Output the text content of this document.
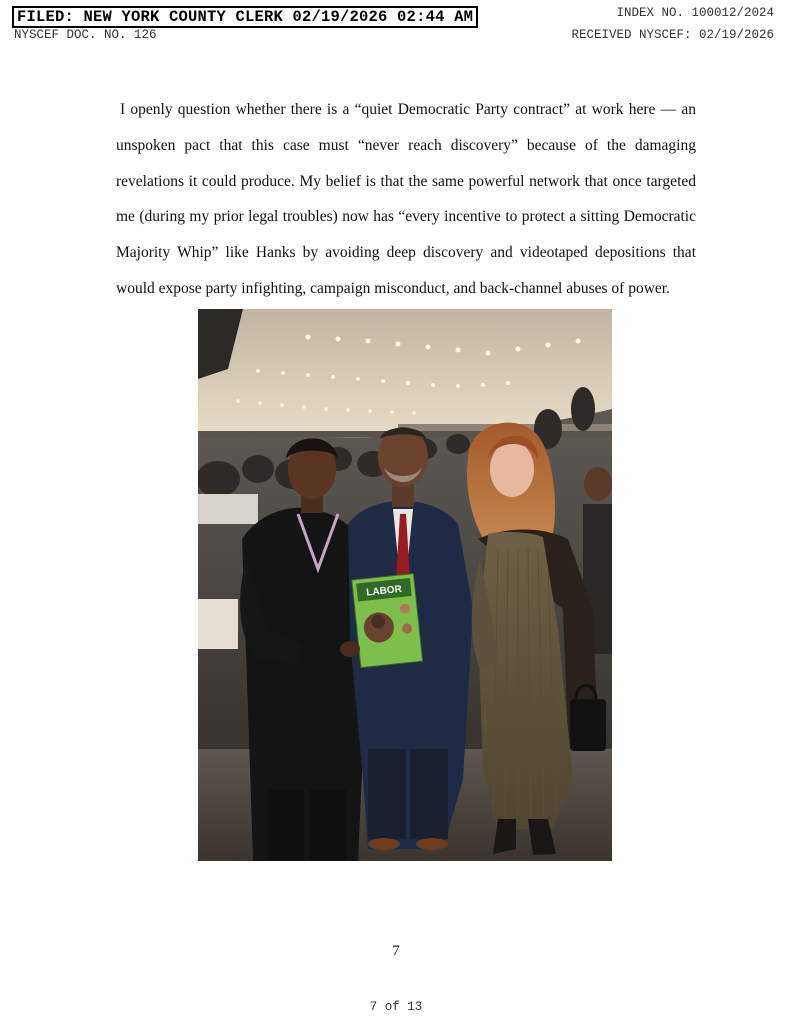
FILED: NEW YORK COUNTY CLERK 02/19/2026 02:44 AM	INDEX NO. 100012/2024
NYSCEF DOC. NO. 126	RECEIVED NYSCEF: 02/19/2026

I openly question whether there is a “quiet Democratic Party contract” at work here — an unspoken pact that this case must “never reach discovery” because of the damaging revelations it could produce. My belief is that the same powerful network that once targeted me (during my prior legal troubles) now has “every incentive to protect a sitting Democratic Majority Whip” like Hanks by avoiding deep discovery and videotaped depositions that would expose party infighting, campaign misconduct, and back-channel abuses of power.

LABOR
7
7 of 13
